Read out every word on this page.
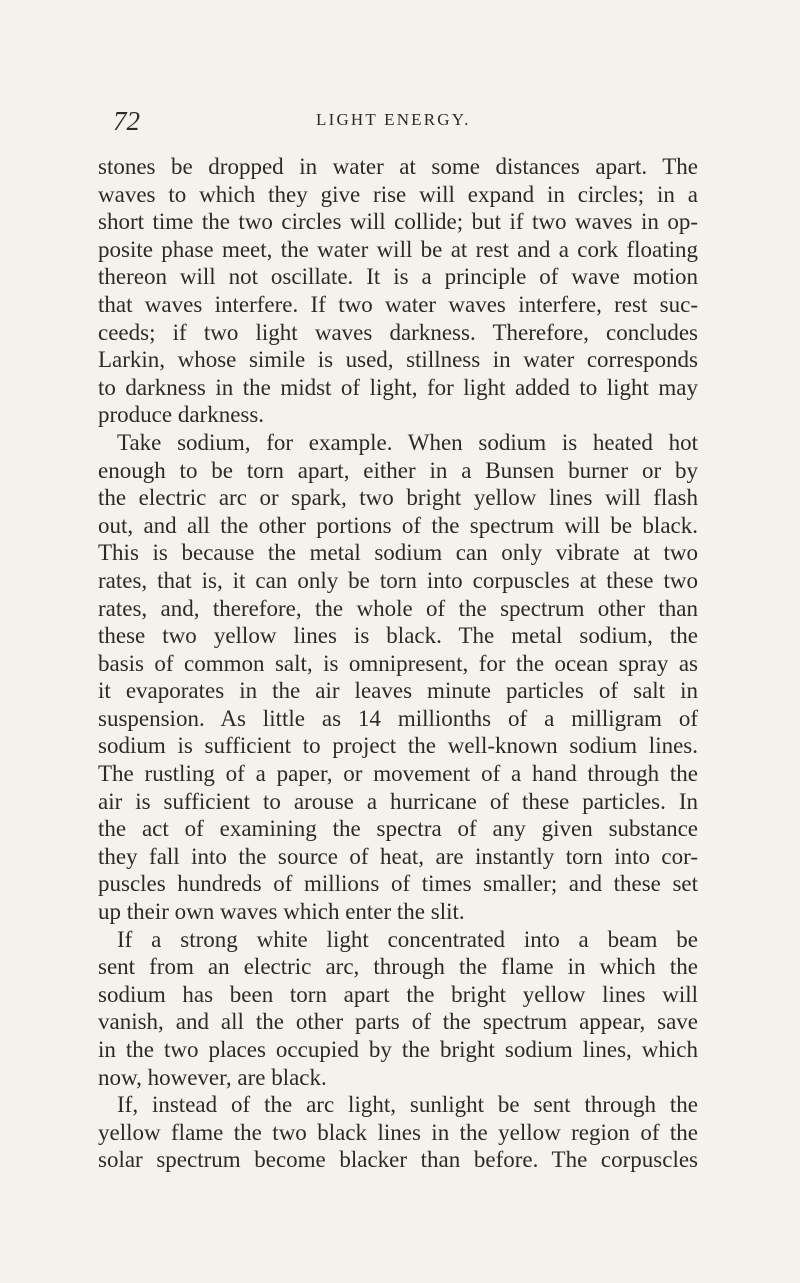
72	LIGHT ENERGY.
stones be dropped in water at some distances apart. The
waves to which they give rise will expand in circles; in a
short time the two circles will collide; but if two waves in op-
posite phase meet, the water will be at rest and a cork floating
thereon will not oscillate. It is a principle of wave motion
that waves interfere. If two water waves interfere, rest suc-
ceeds; if two light waves darkness. Therefore, concludes
Larkin, whose simile is used, stillness in water corresponds
to darkness in the midst of light, for light added to light may
produce darkness.
Take sodium, for example. When sodium is heated hot
enough to be torn apart, either in a Bunsen burner or by
the electric arc or spark, two bright yellow lines will flash
out, and all the other portions of the spectrum will be black.
This is because the metal sodium can only vibrate at two
rates, that is, it can only be torn into corpuscles at these two
rates, and, therefore, the whole of the spectrum other than
these two yellow lines is black. The metal sodium, the
basis of common salt, is omnipresent, for the ocean spray as
it evaporates in the air leaves minute particles of salt in
suspension. As little as 14 millionths of a milligram of
sodium is sufficient to project the well-known sodium lines.
The rustling of a paper, or movement of a hand through the
air is sufficient to arouse a hurricane of these particles. In
the act of examining the spectra of any given substance
they fall into the source of heat, are instantly torn into cor-
puscles hundreds of millions of times smaller; and these set
up their own waves which enter the slit.
If a strong white light concentrated into a beam be
sent from an electric arc, through the flame in which the
sodium has been torn apart the bright yellow lines will
vanish, and all the other parts of the spectrum appear, save
in the two places occupied by the bright sodium lines, which
now, however, are black.
If, instead of the arc light, sunlight be sent through the
yellow flame the two black lines in the yellow region of the
solar spectrum become blacker than before. The corpuscles
